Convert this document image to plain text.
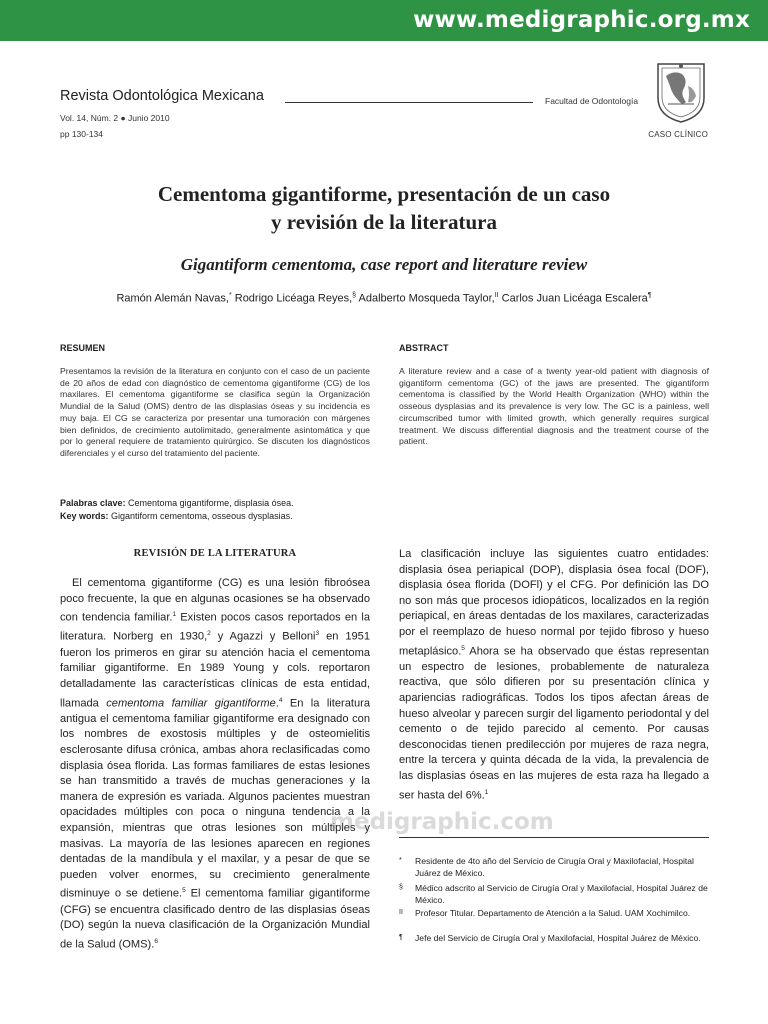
www.medigraphic.org.mx
Revista Odontológica Mexicana	Facultad de Odontología
Vol. 14, Núm. 2 ● Junio 2010
pp 130-134	CASO CLÍNICO
Cementoma gigantiforme, presentación de un caso
y revisión de la literatura
Gigantiform cementoma, case report and literature review
Ramón Alemán Navas,* Rodrigo Licéaga Reyes,§ Adalberto Mosqueda Taylor,$^{II}$ Carlos Juan Licéaga Escalera¶
RESUMEN	ABSTRACT
Presentamos la revisión de la literatura en conjunto con el caso de un paciente de 20 años de edad con diagnóstico de cementoma gigantiforme (CG) de los maxilares. El cementoma gigantiforme se clasifica según la Organización Mundial de la Salud (OMS) dentro de las displasias óseas y su incidencia es muy baja. El CG se caracteriza por presentar una tumoración con márgenes bien definidos, de crecimiento autolimitado, generalmente asintomática y que por lo general requiere de tratamiento quirúrgico. Se discuten los diagnósticos diferenciales y el curso del tratamiento del paciente.
A literature review and a case of a twenty year-old patient with diagnosis of gigantiform cementoma (GC) of the jaws are presented. The gigantiform cementoma is classified by the World Health Organization (WHO) within the osseous dysplasias and its prevalence is very low. The GC is a painless, well circumscribed tumor with limited growth, which generally requires surgical treatment. We discuss differential diagnosis and the treatment course of the patient.
Palabras clave: Cementoma gigantiforme, displasia ósea.
Key words: Gigantiform cementoma, osseous dysplasias.
REVISIÓN DE LA LITERATURA
El cementoma gigantiforme (CG) es una lesión fibroósea poco frecuente, la que en algunas ocasiones se ha observado con tendencia familiar.$^1$ Existen pocos casos reportados en la literatura. Norberg en 1930,$^2$ y Agazzi y Belloni$^3$ en 1951 fueron los primeros en girar su atención hacia el cementoma familiar gigantiforme. En 1989 Young y cols. reportaron detalladamente las características clínicas de esta entidad, llamada cementoma familiar gigantiforme.$^4$ En la literatura antigua el cementoma familiar gigantiforme era designado con los nombres de exostosis múltiples y de osteomielitis esclerosante difusa crónica, ambas ahora reclasificadas como displasia ósea florida. Las formas familiares de estas lesiones se han transmitido a través de muchas generaciones y la manera de expresión es variada. Algunos pacientes muestran opacidades múltiples con poca o ninguna tendencia a la expansión, mientras que otras lesiones son múltiples y masivas. La mayoría de las lesiones aparecen en regiones dentadas de la mandíbula y el maxilar, y a pesar de que se pueden volver enormes, su crecimiento generalmente disminuye o se detiene.$^5$ El cementoma familiar gigantiforme (CFG) se encuentra clasificado dentro de las displasias óseas (DO) según la nueva clasificación de la Organización Mundial de la Salud (OMS).$^6$
La clasificación incluye las siguientes cuatro entidades: displasia ósea periapical (DOP), displasia ósea focal (DOF), displasia ósea florida (DOFl) y el CFG. Por definición las DO no son más que procesos idiopáticos, localizados en la región periapical, en áreas dentadas de los maxilares, caracterizadas por el reemplazo de hueso normal por tejido fibroso y hueso metaplásico.$^5$ Ahora se ha observado que éstas representan un espectro de lesiones, probablemente de naturaleza reactiva, que sólo difieren por su presentación clínica y apariencias radiográficas. Todos los tipos afectan áreas de hueso alveolar y parecen surgir del ligamento periodontal y del cemento o de tejido parecido al cemento. Por causas desconocidas tienen predilección por mujeres de raza negra, entre la tercera y quinta década de la vida, la prevalencia de las displasias óseas en las mujeres de esta raza ha llegado a ser hasta del 6%.$^1$
medigraphic.com
* Residente de 4to año del Servicio de Cirugía Oral y Maxilofacial, Hospital Juárez de México.
§ Médico adscrito al Servicio de Cirugía Oral y Maxilofacial, Hospital Juárez de México.
II Profesor Titular. Departamento de Atención a la Salud. UAM Xochimilco.
¶ Jefe del Servicio de Cirugía Oral y Maxilofacial, Hospital Juárez de México.
